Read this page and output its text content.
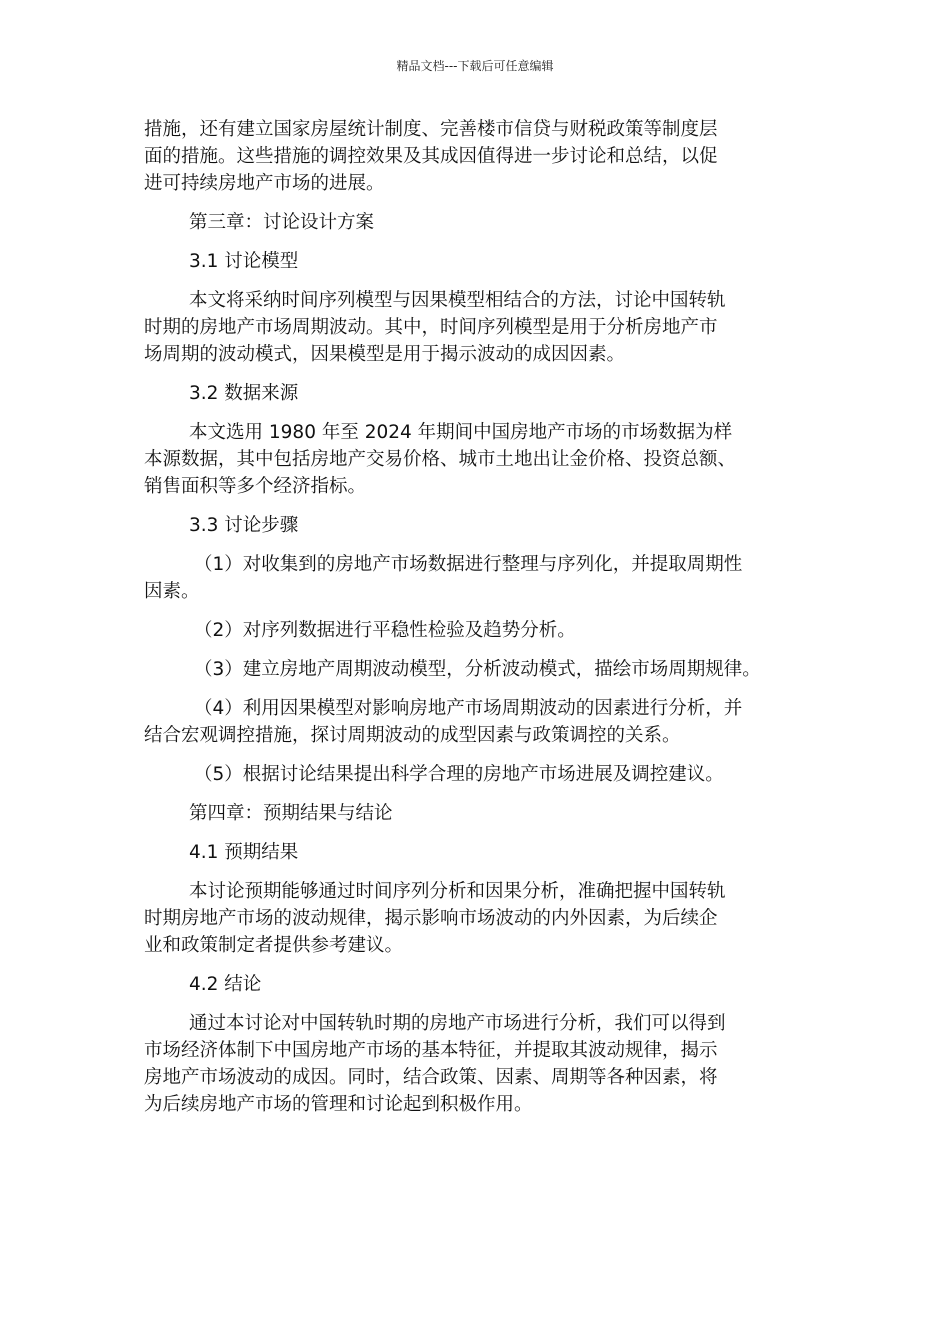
精品文档---下载后可任意编辑
措施，还有建立国家房屋统计制度、完善楼市信贷与财税政策等制度层
面的措施。这些措施的调控效果及其成因值得进一步讨论和总结，以促
进可持续房地产市场的进展。
第三章：讨论设计方案
3.1 讨论模型
本文将采纳时间序列模型与因果模型相结合的方法，讨论中国转轨
时期的房地产市场周期波动。其中，时间序列模型是用于分析房地产市
场周期的波动模式，因果模型是用于揭示波动的成因因素。
3.2 数据来源
本文选用 1980 年至 2024 年期间中国房地产市场的市场数据为样
本源数据，其中包括房地产交易价格、城市土地出让金价格、投资总额、
销售面积等多个经济指标。
3.3 讨论步骤
（1）对收集到的房地产市场数据进行整理与序列化，并提取周期性
因素。
（2）对序列数据进行平稳性检验及趋势分析。
（3）建立房地产周期波动模型，分析波动模式，描绘市场周期规律。
（4）利用因果模型对影响房地产市场周期波动的因素进行分析，并
结合宏观调控措施，探讨周期波动的成型因素与政策调控的关系。
（5）根据讨论结果提出科学合理的房地产市场进展及调控建议。
第四章：预期结果与结论
4.1 预期结果
本讨论预期能够通过时间序列分析和因果分析，准确把握中国转轨
时期房地产市场的波动规律，揭示影响市场波动的内外因素，为后续企
业和政策制定者提供参考建议。
4.2 结论
通过本讨论对中国转轨时期的房地产市场进行分析，我们可以得到
市场经济体制下中国房地产市场的基本特征，并提取其波动规律，揭示
房地产市场波动的成因。同时，结合政策、因素、周期等各种因素，将
为后续房地产市场的管理和讨论起到积极作用。
